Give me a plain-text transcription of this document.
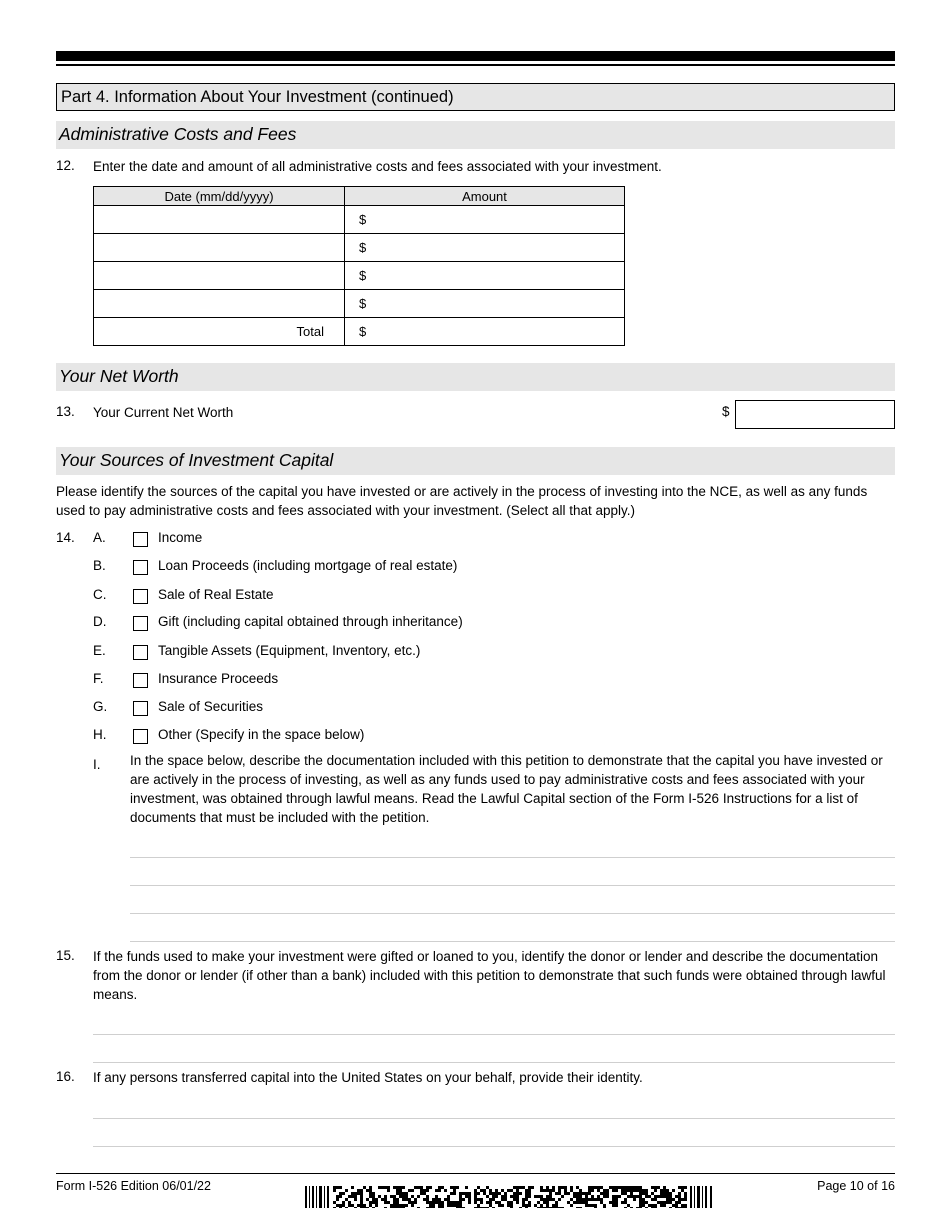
Part 4. Information About Your Investment (continued)
Administrative Costs and Fees
12. Enter the date and amount of all administrative costs and fees associated with your investment.
Date (mm/dd/yyyy)	Amount
	$
	$
	$
	$
Total	$
Your Net Worth
13. Your Current Net Worth	$
Your Sources of Investment Capital
Please identify the sources of the capital you have invested or are actively in the process of investing into the NCE, as well as any funds used to pay administrative costs and fees associated with your investment. (Select all that apply.)
14. A.	Income
B.	Loan Proceeds (including mortgage of real estate)
C.	Sale of Real Estate
D.	Gift (including capital obtained through inheritance)
E.	Tangible Assets (Equipment, Inventory, etc.)
F.	Insurance Proceeds
G.	Sale of Securities
H.	Other (Specify in the space below)
I. In the space below, describe the documentation included with this petition to demonstrate that the capital you have invested or are actively in the process of investing, as well as any funds used to pay administrative costs and fees associated with your investment, was obtained through lawful means. Read the Lawful Capital section of the Form I-526 Instructions for a list of documents that must be included with the petition.
15. If the funds used to make your investment were gifted or loaned to you, identify the donor or lender and describe the documentation from the donor or lender (if other than a bank) included with this petition to demonstrate that such funds were obtained through lawful means.
16. If any persons transferred capital into the United States on your behalf, provide their identity.
Form I-526 Edition 06/01/22	Page 10 of 16
